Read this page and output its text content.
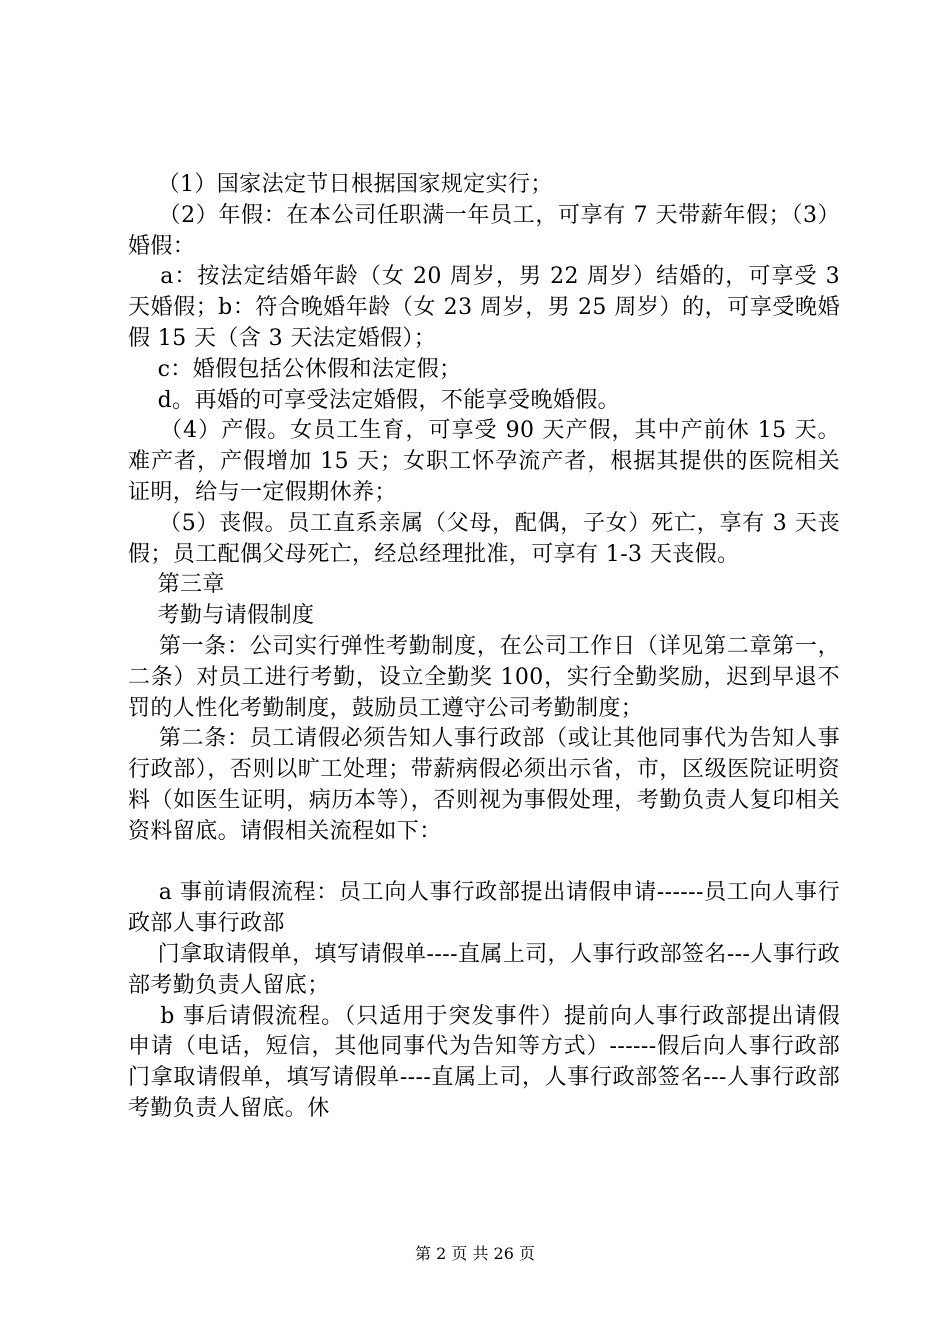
（1）国家法定节日根据国家规定实行；

（2）年假：在本公司任职满一年员工，可享有 7 天带薪年假；（3）婚假：

a：按法定结婚年龄（女 20 周岁，男 22 周岁）结婚的，可享受 3 天婚假；b：符合晚婚年龄（女 23 周岁，男 25 周岁）的，可享受晚婚假 15 天（含 3 天法定婚假）；

c：婚假包括公休假和法定假；

d。再婚的可享受法定婚假，不能享受晚婚假。

（4）产假。女员工生育，可享受 90 天产假，其中产前休 15 天。难产者，产假增加 15 天；女职工怀孕流产者，根据其提供的医院相关证明，给与一定假期休养；

（5）丧假。员工直系亲属（父母，配偶，子女）死亡，享有 3 天丧假；员工配偶父母死亡，经总经理批准，可享有 1-3 天丧假。

第三章

考勤与请假制度

第一条：公司实行弹性考勤制度，在公司工作日（详见第二章第一，二条）对员工进行考勤，设立全勤奖 100，实行全勤奖励，迟到早退不罚的人性化考勤制度，鼓励员工遵守公司考勤制度；

第二条：员工请假必须告知人事行政部（或让其他同事代为告知人事行政部），否则以旷工处理；带薪病假必须出示省，市，区级医院证明资料（如医生证明，病历本等），否则视为事假处理，考勤负责人复印相关资料留底。请假相关流程如下：

a 事前请假流程：员工向人事行政部提出请假申请------员工向人事行政部人事行政部

门拿取请假单，填写请假单----直属上司，人事行政部签名---人事行政部考勤负责人留底；

b 事后请假流程。（只适用于突发事件）提前向人事行政部提出请假申请（电话，短信，其他同事代为告知等方式）------假后向人事行政部门拿取请假单，填写请假单----直属上司，人事行政部签名---人事行政部考勤负责人留底。休

第 2 页 共 26 页
